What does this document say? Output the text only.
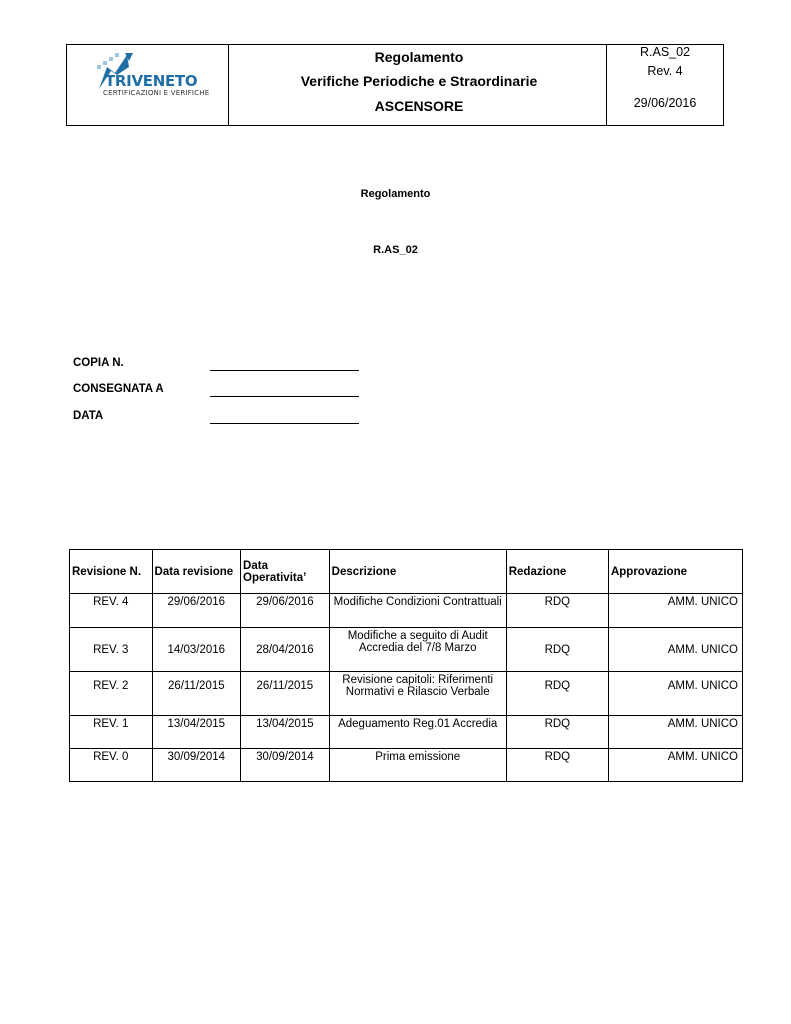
TRIVENETO
CERTIFICAZIONI E VERIFICHE
Regolamento
Verifiche Periodiche e Straordinarie
ASCENSORE
R.AS_02
Rev. 4
29/06/2016
Regolamento
R.AS_02
COPIA N.
CONSEGNATA A
DATA
Revisione N.	Data revisione	Data Operativita’	Descrizione	Redazione	Approvazione
REV. 4	29/06/2016	29/06/2016	Modifiche Condizioni Contrattuali	RDQ	AMM. UNICO
REV. 3	14/03/2016	28/04/2016	Modifiche a seguito di Audit Accredia del 7/8 Marzo	RDQ	AMM. UNICO
REV. 2	26/11/2015	26/11/2015	Revisione capitoli: Riferimenti Normativi e Rilascio Verbale	RDQ	AMM. UNICO
REV. 1	13/04/2015	13/04/2015	Adeguamento Reg.01 Accredia	RDQ	AMM. UNICO
REV. 0	30/09/2014	30/09/2014	Prima emissione	RDQ	AMM. UNICO
